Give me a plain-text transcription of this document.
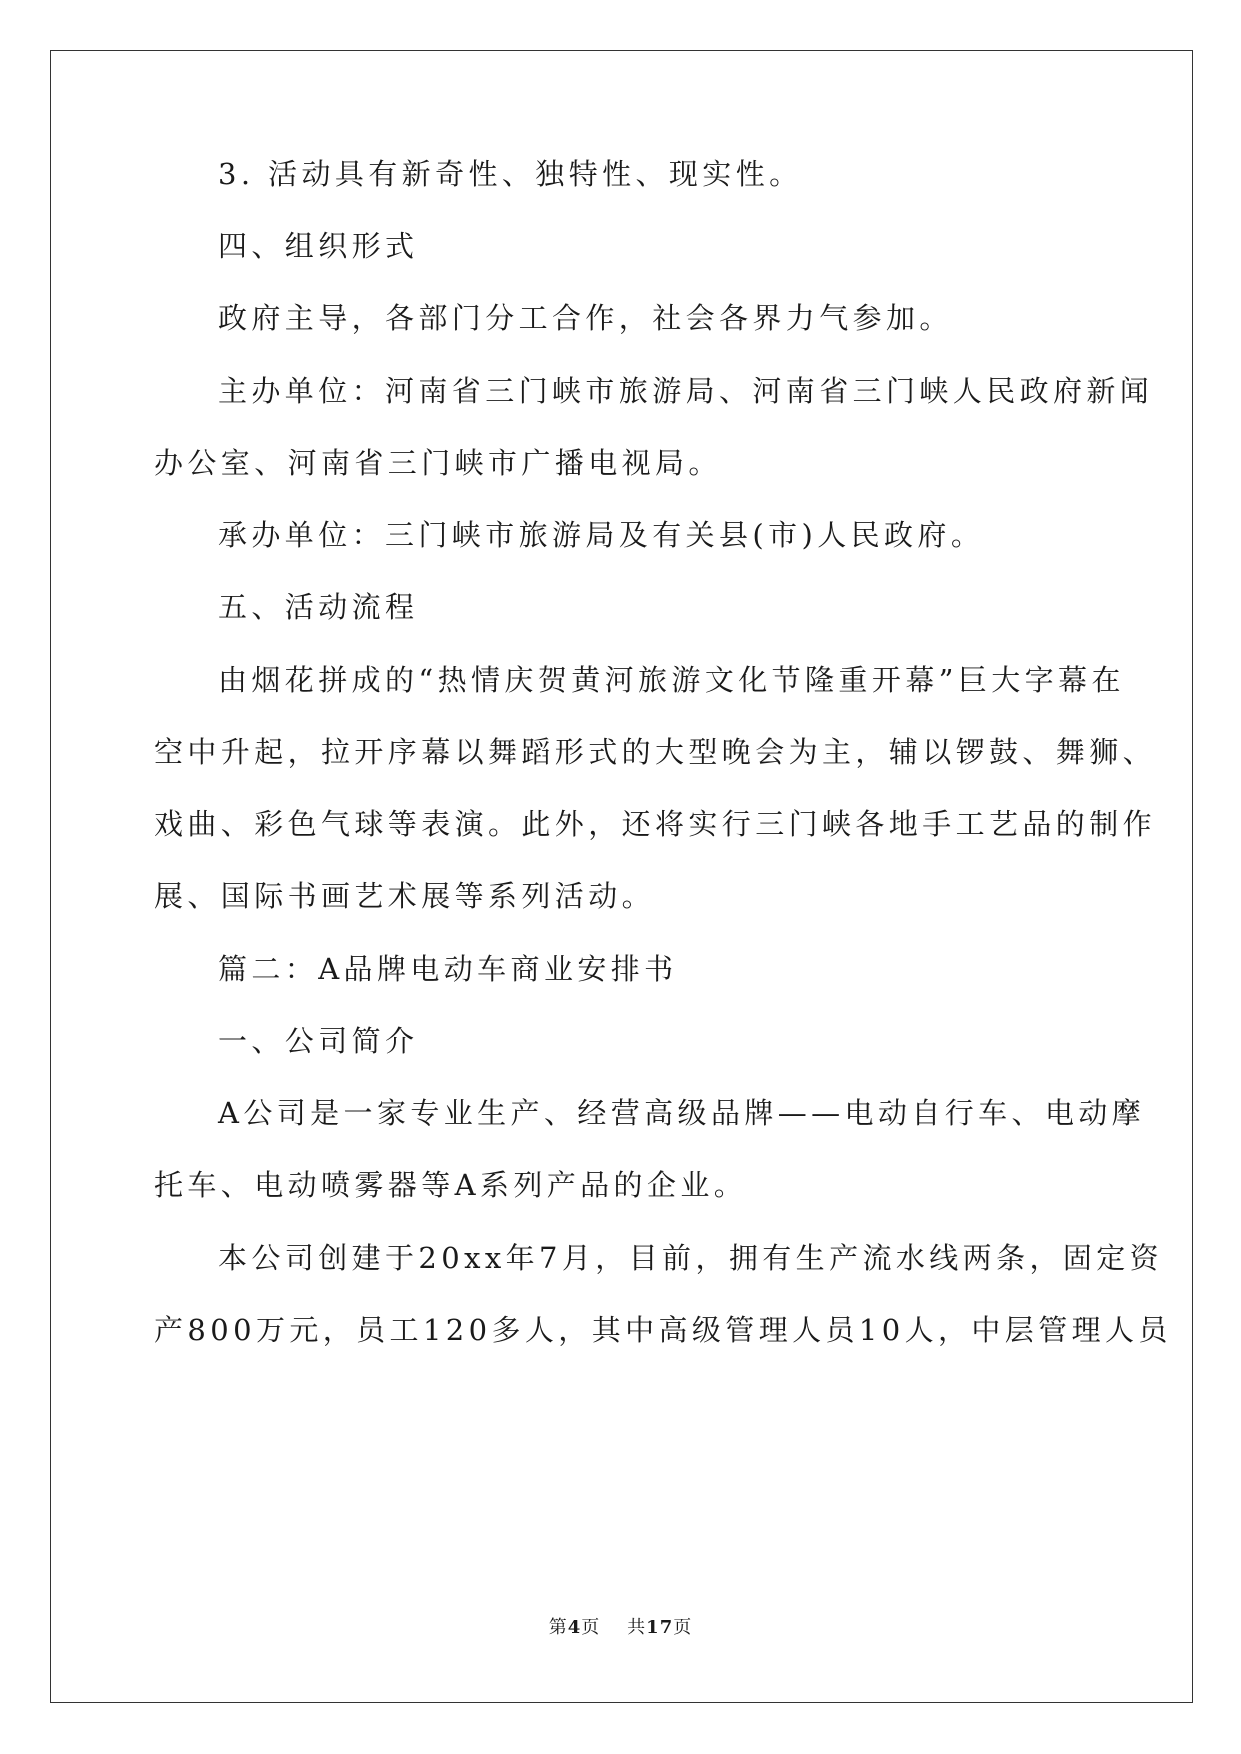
3. 活动具有新奇性、独特性、现实性。
四、组织形式
政府主导，各部门分工合作，社会各界力气参加。
主办单位：河南省三门峡市旅游局、河南省三门峡人民政府新闻
办公室、河南省三门峡市广播电视局。
承办单位：三门峡市旅游局及有关县(市)人民政府。
五、活动流程
由烟花拼成的“热情庆贺黄河旅游文化节隆重开幕”巨大字幕在
空中升起，拉开序幕以舞蹈形式的大型晚会为主，辅以锣鼓、舞狮、
戏曲、彩色气球等表演。此外，还将实行三门峡各地手工艺品的制作
展、国际书画艺术展等系列活动。
篇二：A品牌电动车商业安排书
一、公司简介
A公司是一家专业生产、经营高级品牌——电动自行车、电动摩
托车、电动喷雾器等A系列产品的企业。
本公司创建于20xx年7月，目前，拥有生产流水线两条，固定资
产800万元，员工120多人，其中高级管理人员10人，中层管理人员
第4页 共17页
